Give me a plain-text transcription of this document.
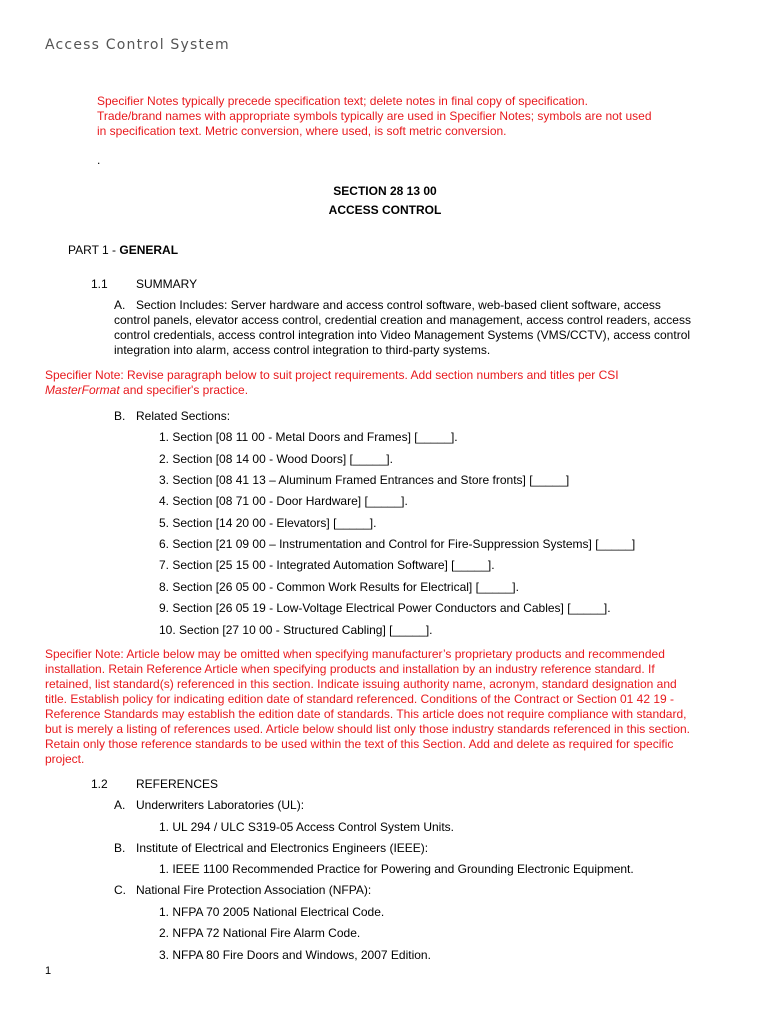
Access Control System
Specifier Notes typically precede specification text; delete notes in final copy of specification.
Trade/brand names with appropriate symbols typically are used in Specifier Notes; symbols are not used
in specification text. Metric conversion, where used, is soft metric conversion.
.
SECTION 28 13 00
ACCESS CONTROL
PART 1 - GENERAL
1.1 SUMMARY
A. Section Includes: Server hardware and access control software, web-based client software, access
control panels, elevator access control, credential creation and management, access control readers, access
control credentials, access control integration into Video Management Systems (VMS/CCTV), access control
integration into alarm, access control integration to third-party systems.
Specifier Note: Revise paragraph below to suit project requirements. Add section numbers and titles per CSI
MasterFormat and specifier's practice.
B. Related Sections:
1. Section [08 11 00 - Metal Doors and Frames] [_____].
2. Section [08 14 00 - Wood Doors] [_____].
3. Section [08 41 13 – Aluminum Framed Entrances and Store fronts] [_____]
4. Section [08 71 00 - Door Hardware] [_____].
5. Section [14 20 00 - Elevators] [_____].
6. Section [21 09 00 – Instrumentation and Control for Fire-Suppression Systems] [_____]
7. Section [25 15 00 - Integrated Automation Software] [_____].
8. Section [26 05 00 - Common Work Results for Electrical] [_____].
9. Section [26 05 19 - Low-Voltage Electrical Power Conductors and Cables] [_____].
10. Section [27 10 00 - Structured Cabling] [_____].
Specifier Note: Article below may be omitted when specifying manufacturer’s proprietary products and recommended
installation. Retain Reference Article when specifying products and installation by an industry reference standard. If
retained, list standard(s) referenced in this section. Indicate issuing authority name, acronym, standard designation and
title. Establish policy for indicating edition date of standard referenced. Conditions of the Contract or Section 01 42 19 -
Reference Standards may establish the edition date of standards. This article does not require compliance with standard,
but is merely a listing of references used. Article below should list only those industry standards referenced in this section.
Retain only those reference standards to be used within the text of this Section. Add and delete as required for specific
project.
1.2 REFERENCES
A. Underwriters Laboratories (UL):
1. UL 294 / ULC S319-05 Access Control System Units.
B. Institute of Electrical and Electronics Engineers (IEEE):
1. IEEE 1100 Recommended Practice for Powering and Grounding Electronic Equipment.
C. National Fire Protection Association (NFPA):
1. NFPA 70 2005 National Electrical Code.
2. NFPA 72 National Fire Alarm Code.
3. NFPA 80 Fire Doors and Windows, 2007 Edition.
1
